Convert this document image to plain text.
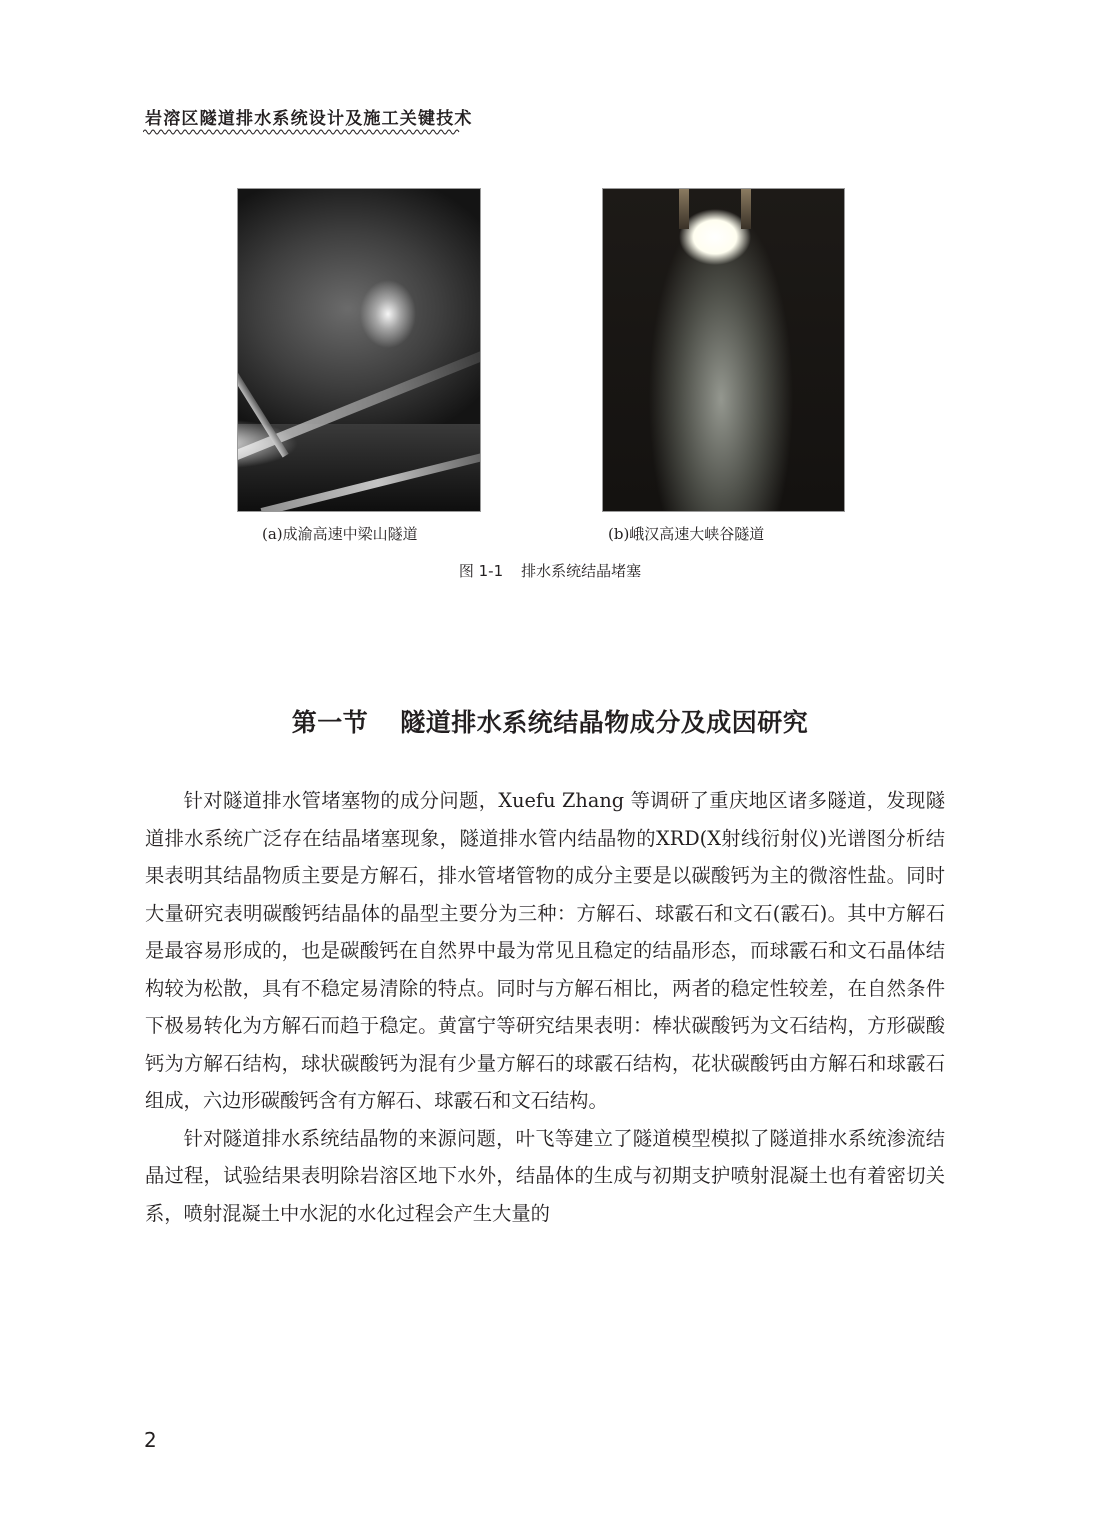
岩溶区隧道排水系统设计及施工关键技术
(a)成渝高速中梁山隧道	(b)峨汉高速大峡谷隧道
图 1-1 排水系统结晶堵塞
第一节 隧道排水系统结晶物成分及成因研究

针对隧道排水管堵塞物的成分问题，Xuefu Zhang 等调研了重庆地区诸多隧道，发现隧道排水系统广泛存在结晶堵塞现象，隧道排水管内结晶物的XRD(X射线衍射仪)光谱图分析结果表明其结晶物质主要是方解石，排水管堵管物的成分主要是以碳酸钙为主的微溶性盐。同时大量研究表明碳酸钙结晶体的晶型主要分为三种：方解石、球霰石和文石(霰石)。其中方解石是最容易形成的，也是碳酸钙在自然界中最为常见且稳定的结晶形态，而球霰石和文石晶体结构较为松散，具有不稳定易清除的特点。同时与方解石相比，两者的稳定性较差，在自然条件下极易转化为方解石而趋于稳定。黄富宁等研究结果表明：棒状碳酸钙为文石结构，方形碳酸钙为方解石结构，球状碳酸钙为混有少量方解石的球霰石结构，花状碳酸钙由方解石和球霰石组成，六边形碳酸钙含有方解石、球霰石和文石结构。

针对隧道排水系统结晶物的来源问题，叶飞等建立了隧道模型模拟了隧道排水系统渗流结晶过程，试验结果表明除岩溶区地下水外，结晶体的生成与初期支护喷射混凝土也有着密切关系，喷射混凝土中水泥的水化过程会产生大量的

2
